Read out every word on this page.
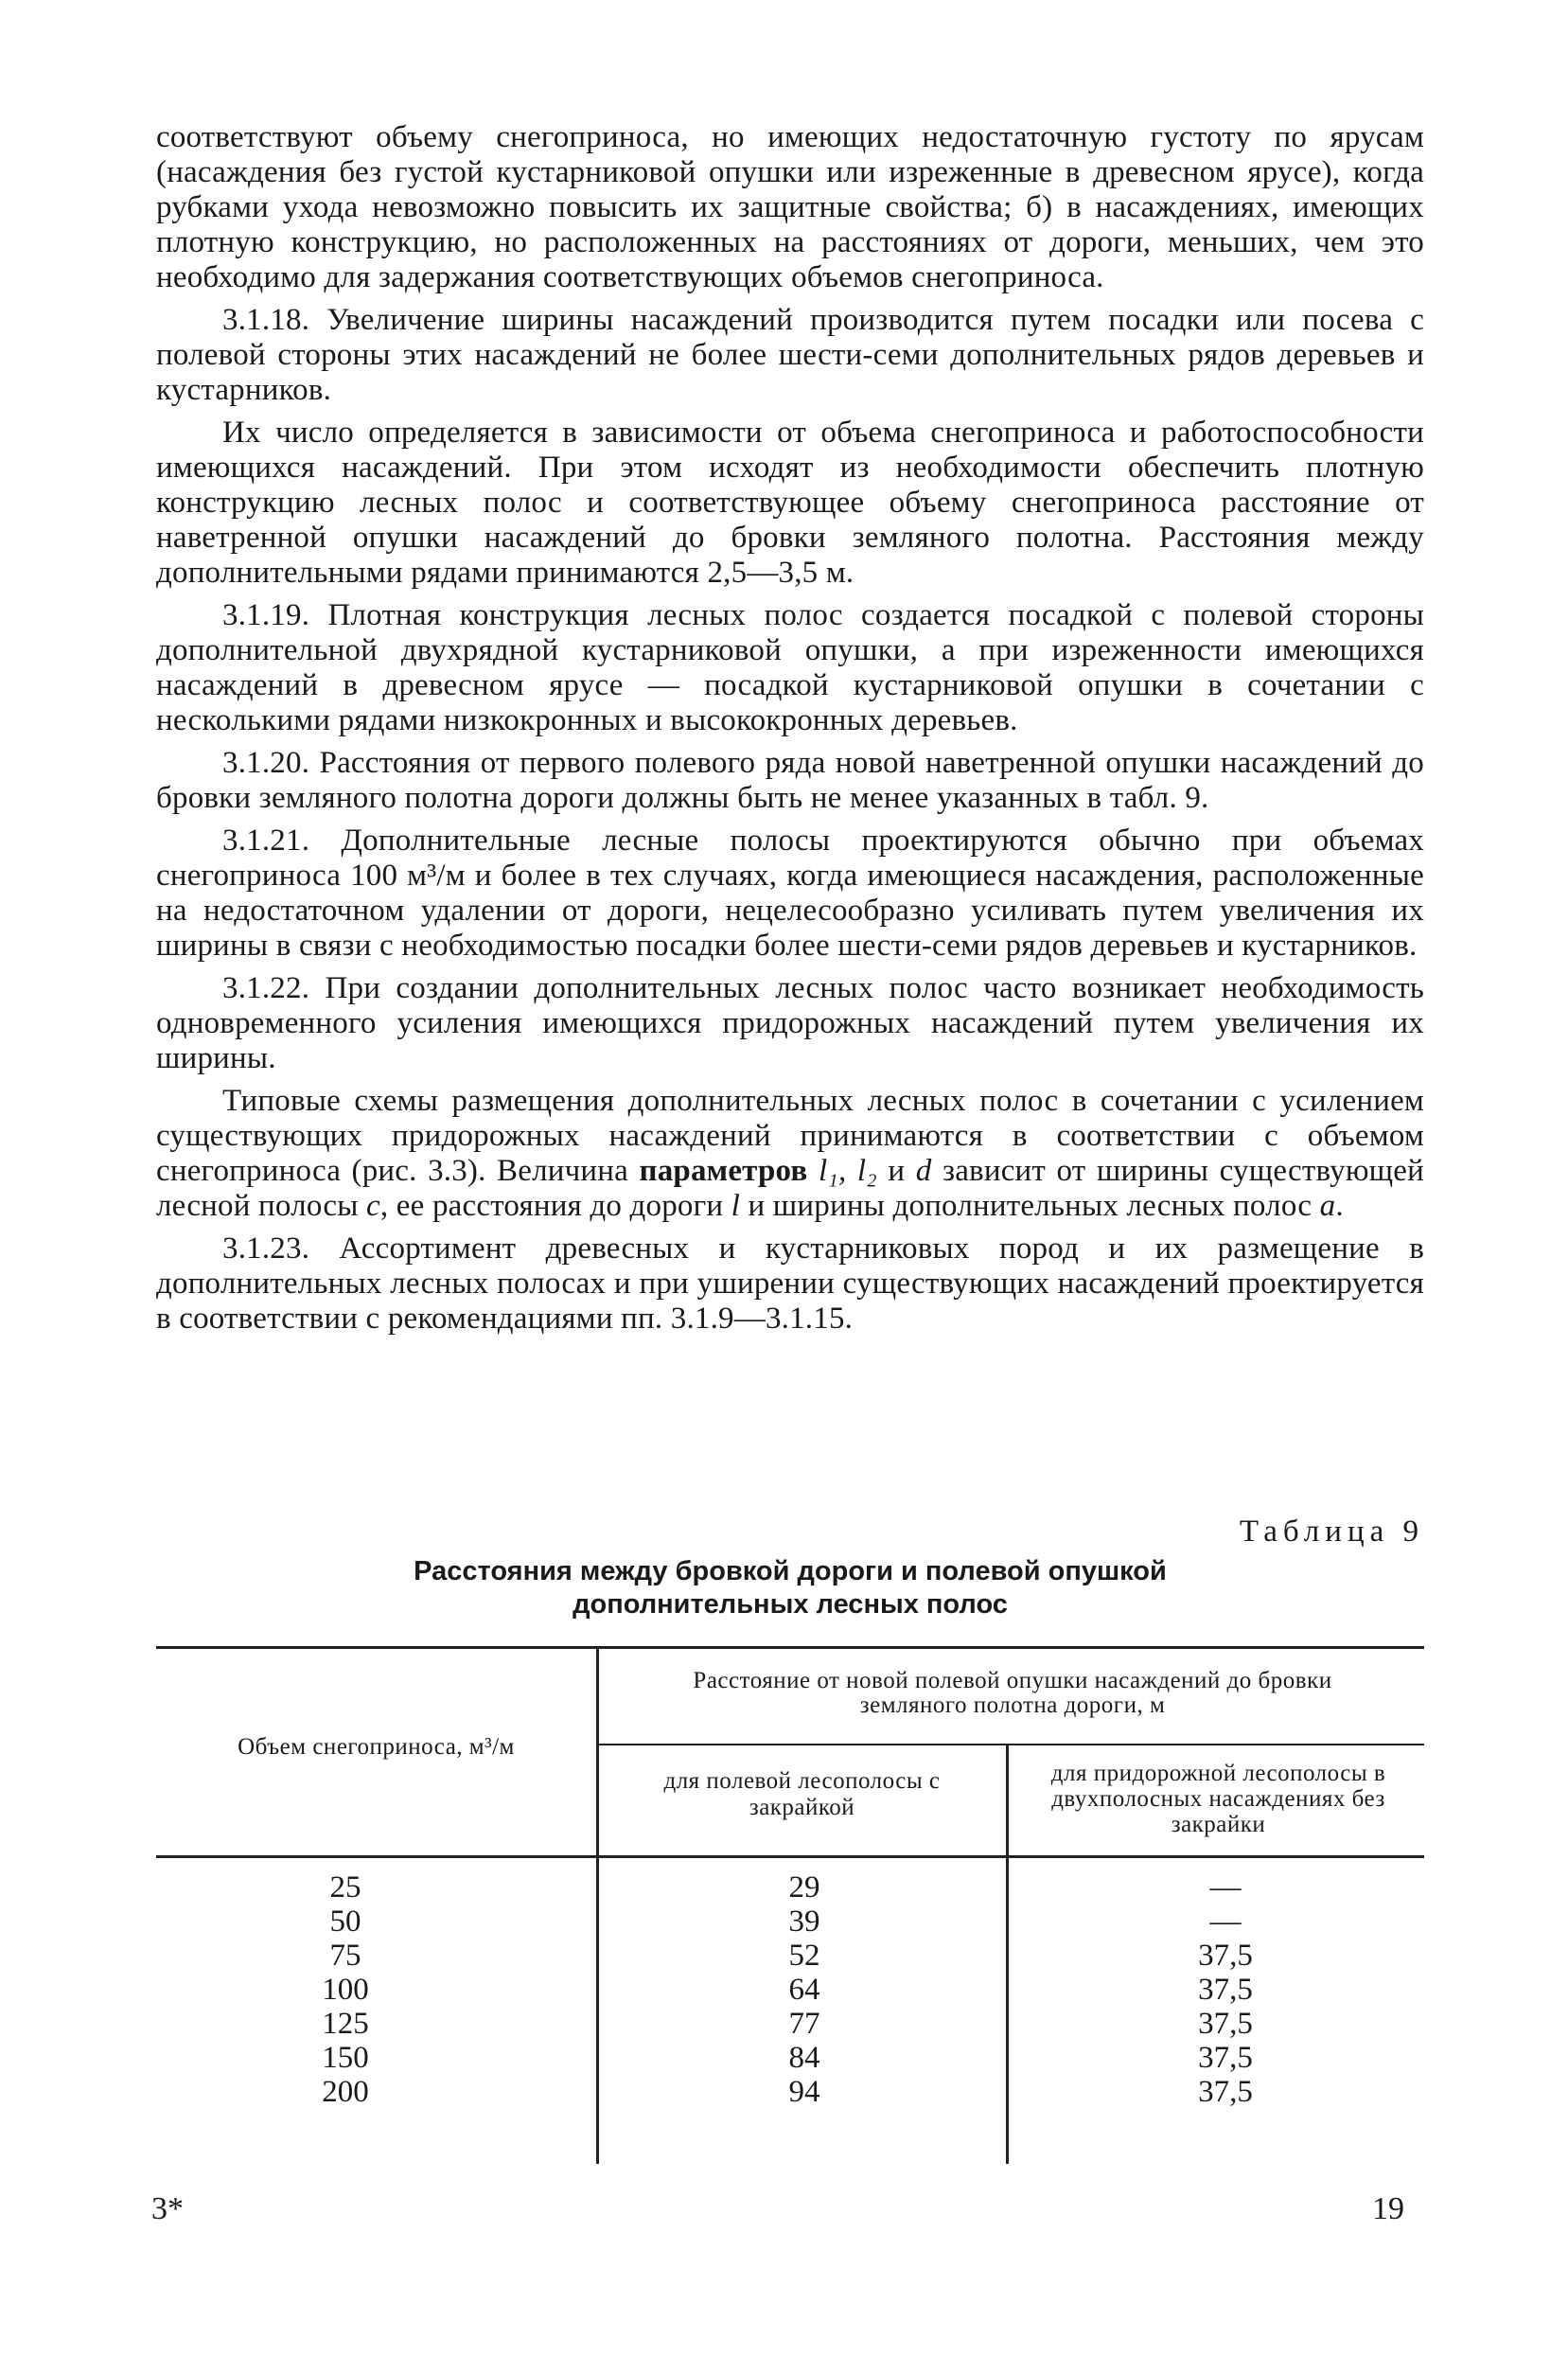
соответствуют объему снегоприноса, но имеющих недостаточную густоту по ярусам (насаждения без густой кустарниковой опушки или изреженные в древесном ярусе), когда рубками ухода невозможно повысить их защитные свойства; б) в насаждениях, имеющих плотную конструкцию, но расположенных на расстояниях от дороги, меньших, чем это необходимо для задержания соответствующих объемов снегоприноса.

3.1.18. Увеличение ширины насаждений производится путем посадки или посева с полевой стороны этих насаждений не более шести-семи дополнительных рядов деревьев и кустарников.

Их число определяется в зависимости от объема снегоприноса и работоспособности имеющихся насаждений. При этом исходят из необходимости обеспечить плотную конструкцию лесных полос и соответствующее объему снегоприноса расстояние от наветренной опушки насаждений до бровки земляного полотна. Расстояния между дополнительными рядами принимаются 2,5—3,5 м.

3.1.19. Плотная конструкция лесных полос создается посадкой с полевой стороны дополнительной двухрядной кустарниковой опушки, а при изреженности имеющихся насаждений в древесном ярусе — посадкой кустарниковой опушки в сочетании с несколькими рядами низкокронных и высококронных деревьев.

3.1.20. Расстояния от первого полевого ряда новой наветренной опушки насаждений до бровки земляного полотна дороги должны быть не менее указанных в табл. 9.

3.1.21. Дополнительные лесные полосы проектируются обычно при объемах снегоприноса 100 м³/м и более в тех случаях, когда имеющиеся насаждения, расположенные на недостаточном удалении от дороги, нецелесообразно усиливать путем увеличения их ширины в связи с необходимостью посадки более шести-семи рядов деревьев и кустарников.

3.1.22. При создании дополнительных лесных полос часто возникает необходимость одновременного усиления имеющихся придорожных насаждений путем увеличения их ширины.

Типовые схемы размещения дополнительных лесных полос в сочетании с усилением существующих придорожных насаждений принимаются в соответствии с объемом снегоприноса (рис. 3.3). Величина параметров l₁, l₂ и d зависит от ширины существующей лесной полосы c, ее расстояния до дороги l и ширины дополнительных лесных полос a.

3.1.23. Ассортимент древесных и кустарниковых пород и их размещение в дополнительных лесных полосах и при уширении существующих насаждений проектируется в соответствии с рекомендациями пп. 3.1.9—3.1.15.

Таблица 9
Расстояния между бровкой дороги и полевой опушкой
дополнительных лесных полос
Объем снегоприноса, м³/м
Расстояние от новой полевой опушки насаждений до бровки земляного полотна дороги, м
для полевой лесополосы с закрайкой
для придорожной лесополосы в двухполосных насаждениях без закрайки
25
50
75
100
125
150
200
29
39
52
64
77
84
94
—
—
37,5
37,5
37,5
37,5
37,5
3*	19
